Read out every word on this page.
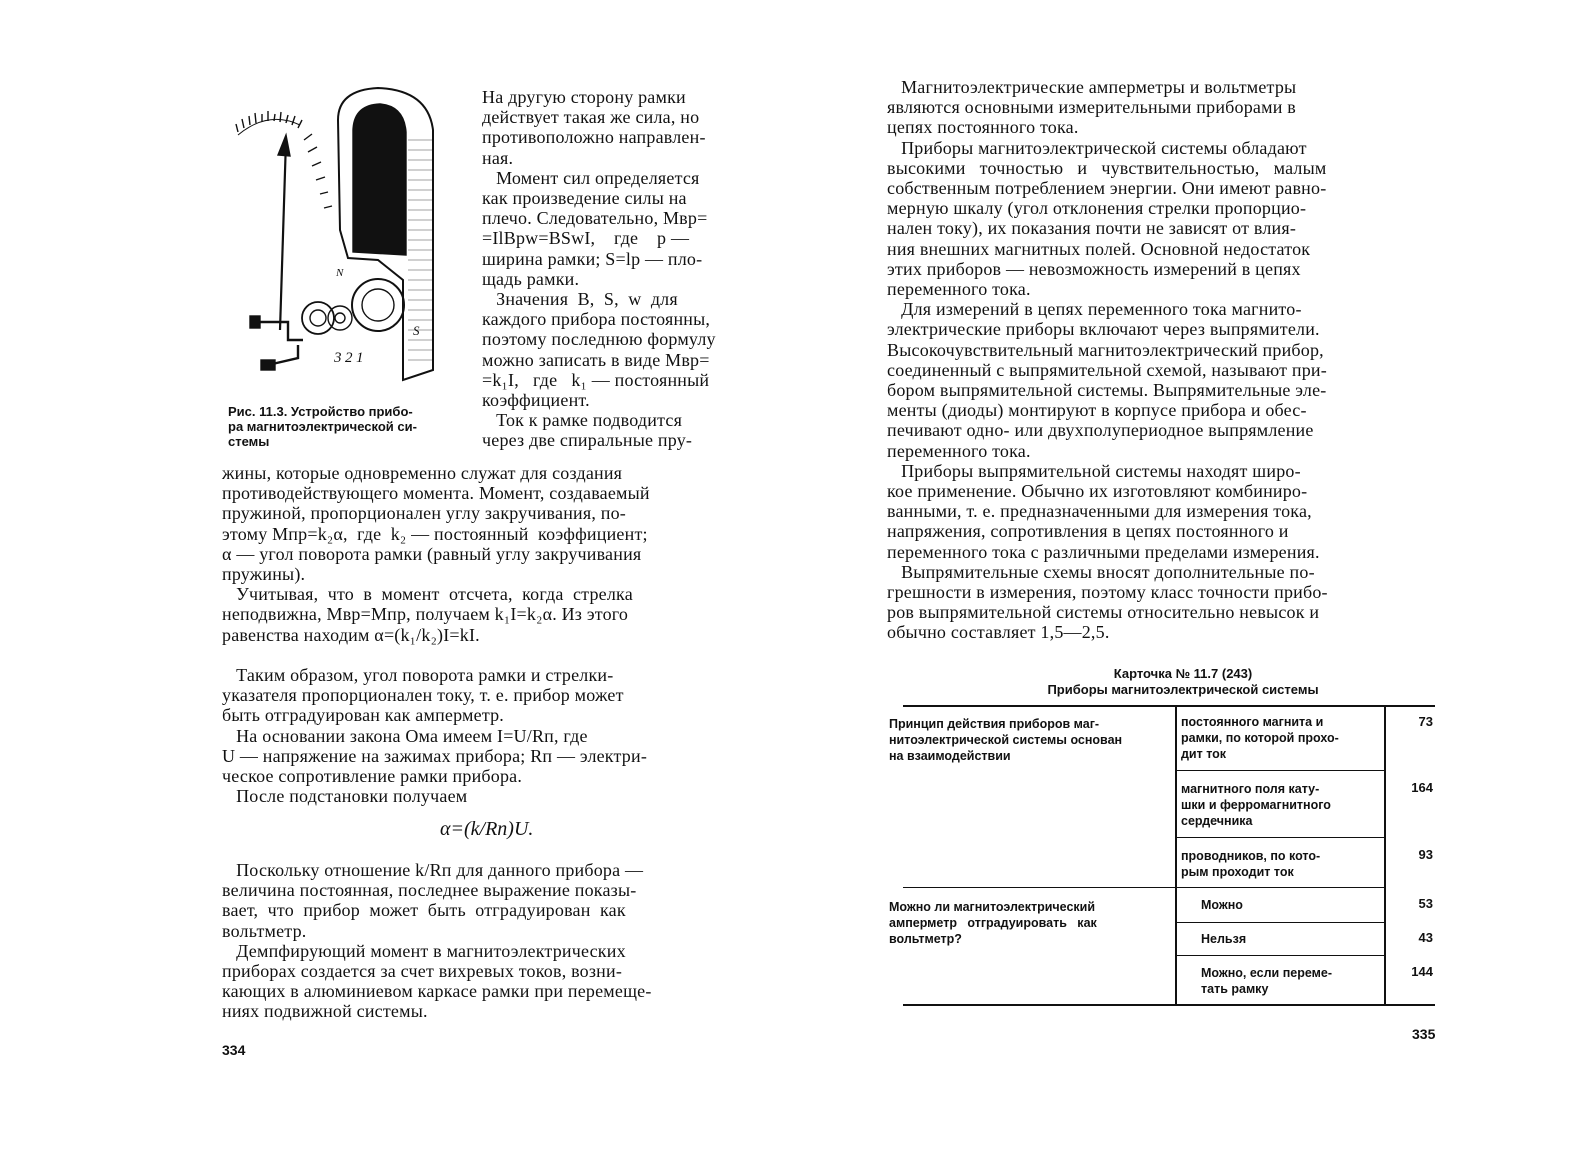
3 2 1
N
S

Рис. 11.3. Устройство прибо-
ра магнитоэлектрической си-
стемы

На другую сторону рамки
действует такая же сила, но
противоположно направлен-
ная.
Момент сил определяется
как произведение силы на
плечо. Следовательно, Mвр=
=IlBpw=BSwI,    где    p —
ширина рамки; S=lp — пло-
щадь рамки.
Значения  B,  S,  w  для
каждого прибора постоянны,
поэтому последнюю формулу
можно записать в виде Mвр=
=k₁I,   где   k₁ — постоянный
коэффициент.
Ток к рамке подводится
через две спиральные пру-

жины, которые одновременно служат для создания
противодействующего момента. Момент, создаваемый
пружиной, пропорционален углу закручивания, по-
этому Mпр=k₂α,  где  k₂ — постоянный  коэффициент;
α — угол поворота рамки (равный углу закручивания
пружины).
Учитывая,  что  в  момент  отсчета,  когда  стрелка
неподвижна, Mвр=Mпр, получаем k₁I=k₂α. Из этого
равенства находим α=(k₁/k₂)I=kI.

Таким образом, угол поворота рамки и стрелки-
указателя пропорционален току, т. е. прибор может
быть отградуирован как амперметр.
На основании закона Ома имеем I=U/Rп, где
U — напряжение на зажимах прибора; Rп — электри-
ческое сопротивление рамки прибора.
После подстановки получаем

α=(k/Rп)U.

Поскольку отношение k/Rп для данного прибора —
величина постоянная, последнее выражение показы-
вает,  что  прибор  может  быть  отградуирован  как
вольтметр.
Демпфирующий момент в магнитоэлектрических
приборах создается за счет вихревых токов, возни-
кающих в алюминиевом каркасе рамки при перемеще-
ниях подвижной системы.

334

Магнитоэлектрические амперметры и вольтметры
являются основными измерительными приборами в
цепях постоянного тока.
Приборы магнитоэлектрической системы обладают
высокими   точностью   и   чувствительностью,   малым
собственным потреблением энергии. Они имеют равно-
мерную шкалу (угол отклонения стрелки пропорцио-
нален току), их показания почти не зависят от влия-
ния внешних магнитных полей. Основной недостаток
этих приборов — невозможность измерений в цепях
переменного тока.
Для измерений в цепях переменного тока магнито-
электрические приборы включают через выпрямители.
Высокочувствительный магнитоэлектрический прибор,
соединенный с выпрямительной схемой, называют при-
бором выпрямительной системы. Выпрямительные эле-
менты (диоды) монтируют в корпусе прибора и обес-
печивают одно- или двухполупериодное выпрямление
переменного тока.
Приборы выпрямительной системы находят широ-
кое применение. Обычно их изготовляют комбиниро-
ванными, т. е. предназначенными для измерения тока,
напряжения, сопротивления в цепях постоянного и
переменного тока с различными пределами измерения.
Выпрямительные схемы вносят дополнительные по-
грешности в измерения, поэтому класс точности прибо-
ров выпрямительной системы относительно невысок и
обычно составляет 1,5—2,5.

Карточка № 11.7 (243)
Приборы магнитоэлектрической системы

Принцип действия приборов маг-
нитоэлектрической системы основан
на взаимодействии

постоянного магнита и
рамки, по которой прохо-
дит ток

73

магнитного поля кату-
шки и ферромагнитного
сердечника

164

проводников, по кото-
рым проходит ток

93

Можно ли магнитоэлектрический
амперметр   отградуировать   как
вольтметр?

Можно	53

Нельзя	43

Можно, если переме-
тать рамку

144
335
